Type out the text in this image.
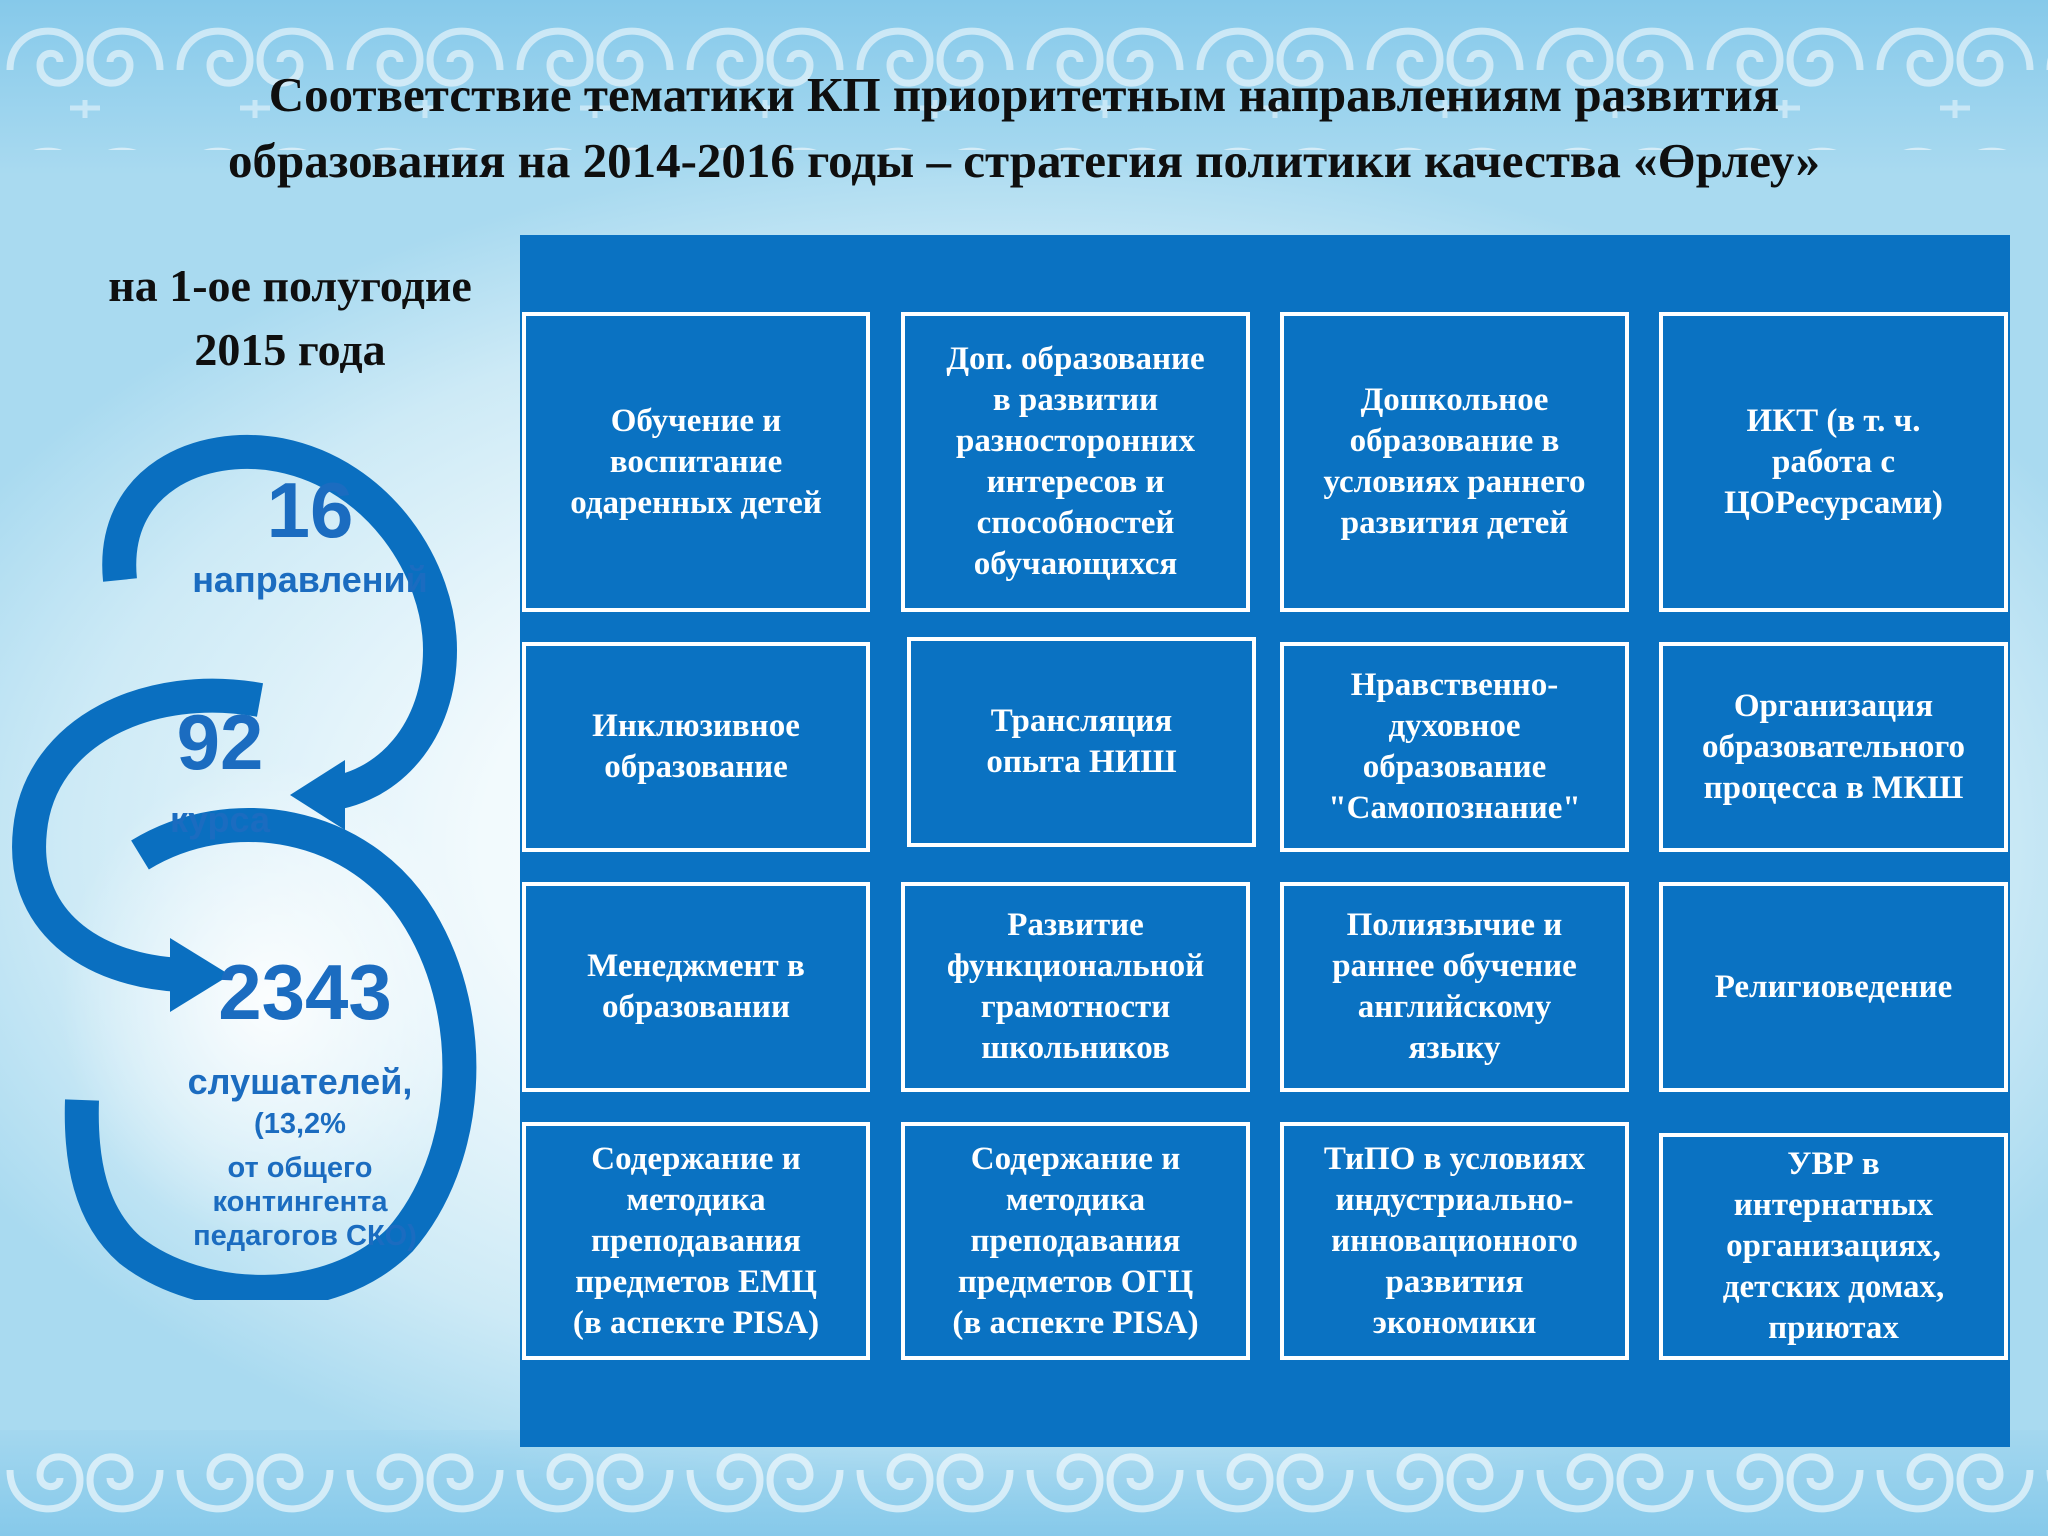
Соответствие тематики КП приоритетным направлениям развития
образования на 2014-2016 годы – стратегия политики качества «Өрлеу»
на 1-ое полугодие
2015 года

16

направлений

92

курса

2343

слушателей,

(13,2%

от общего

контингента

педагогов СКО)

Обучение и
воспитание
одаренных детей
Доп. образование
в развитии
разносторонних
интересов и
способностей
обучающихся
Дошкольное
образование в
условиях раннего
развития детей
ИКТ (в т. ч.
работа с
ЦОРесурсами)
Инклюзивное
образование
Трансляция
опыта НИШ
Нравственно-
духовное
образование
"Самопознание"
Организация
образовательного
процесса в МКШ
Менеджмент в
образовании
Развитие
функциональной
грамотности
школьников
Полиязычие и
раннее обучение
английскому
языку
Религиоведение
Содержание и
методика
преподавания
предметов ЕМЦ
(в аспекте PISA)
Содержание и
методика
преподавания
предметов ОГЦ
(в аспекте PISA)
ТиПО в условиях
индустриально-
инновационного
развития
экономики
УВР в
интернатных
организациях,
детских домах,
приютах
